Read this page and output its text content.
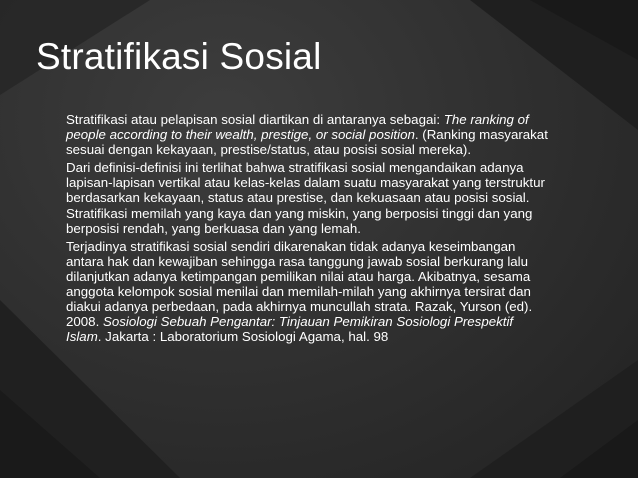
Stratifikasi Sosial

Stratifikasi atau pelapisan sosial diartikan di antaranya sebagai: The ranking of people according to their wealth, prestige, or social position. (Ranking masyarakat sesuai dengan kekayaan, prestise/status, atau posisi sosial mereka).

Dari definisi-definisi ini terlihat bahwa stratifikasi sosial mengandaikan adanya lapisan-lapisan vertikal atau kelas-kelas dalam suatu masyarakat yang terstruktur berdasarkan kekayaan, status atau prestise, dan kekuasaan atau posisi sosial. Stratifikasi memilah yang kaya dan yang miskin, yang berposisi tinggi dan yang berposisi rendah, yang berkuasa dan yang lemah.

Terjadinya stratifikasi sosial sendiri dikarenakan tidak adanya keseimbangan antara hak dan kewajiban sehingga rasa tanggung jawab sosial berkurang lalu dilanjutkan adanya ketimpangan pemilikan nilai atau harga. Akibatnya, sesama anggota kelompok sosial menilai dan memilah-milah yang akhirnya tersirat dan diakui adanya perbedaan, pada akhirnya muncullah strata. Razak, Yurson (ed). 2008. Sosiologi Sebuah Pengantar: Tinjauan Pemikiran Sosiologi Prespektif Islam. Jakarta : Laboratorium Sosiologi Agama, hal. 98
